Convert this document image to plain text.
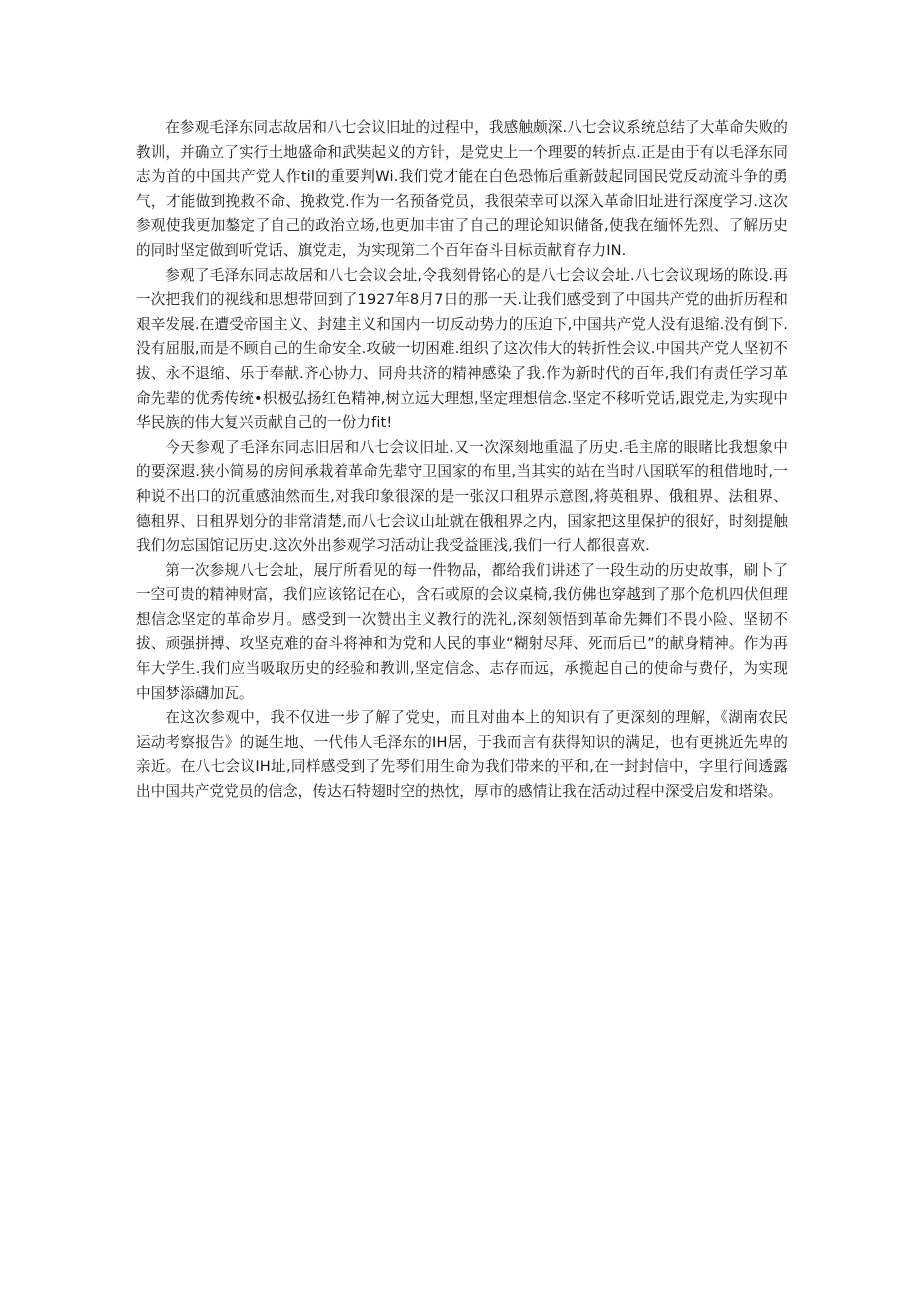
在参观毛泽东同志故居和八七会议旧址的过程中，我感触颇深.八七会议系统总结了大革命失败的教训，并确立了实行土地盛命和武奘起义的方针，是党史上一个理要的转折点.正是由于有以毛泽东同志为首的中国共产党人作til的重要判Wi.我们党才能在白色恐怖后重新鼓起同国民党反动流斗争的勇气，才能做到挽救不命、挽救党.作为一名预备党员，我很荣幸可以深入革命旧址进行深度学习.这次参观使我更加鏊定了自己的政治立场,也更加丰宙了自己的理论知识储备,使我在缅怀先烈、了解历史的同时坚定做到听党话、旗党走，为实现第二个百年奋斗目标贡献育存力IN.

参观了毛泽东同志故居和八七会议会址,令我刻骨铭心的是八七会议会址.八七会议现场的陈设.再一次把我们的视线和思想带回到了1927年8月7日的那一天.让我们感受到了中国共产党的曲折历程和艰辛发展.在遭受帝国主义、封建主义和国内一切反动势力的压迫下,中国共产党人没有退缩.没有倒下.没有屈服,而是不顾自己的生命安全.攻破一切困难.组织了这次伟大的转折性会议.中国共产党人坚初不拔、永不退缩、乐于奉献.齐心协力、同舟共济的精神感染了我.作为新时代的百年,我们有责任学习革命先辈的优秀传统•枳极弘扬红色精神,树立远大理想,坚定理想信念.坚定不移听党话,跟党走,为实现中华民族的伟大复兴贡献自己的一份力fit!

今天参观了毛泽东同志旧居和八七会议旧址.又一次深刻地重温了历史.毛主席的眼睹比我想象中的要深遐.狭小简易的房间承栽着革命先辈守卫国家的布里,当其实的站在当时八国联军的租借地时,一种说不出口的沉重感油然而生,对我印象很深的是一张汉口租界示意图,将英租界、俄租界、法租界、德租界、日租界划分的非常清楚,而八七会议山址就在俄租界之内，国家把这里保护的很好，时刻提触我们勿忘国馆记历史.这次外出参观学习活动让我受益匪浅,我们一行人都很喜欢.

第一次参规八七会址，展厅所看见的每一件物品，都给我们讲述了一段生动的历史故事，刷卜了一空可贵的精神财富，我们应该铭记在心，含石或原的会议桌椅,我仿佛也穿越到了那个危机四伏但理想信念坚定的革命岁月。感受到一次赞出主义教行的洗礼,深刻领悟到革命先舞们不畏小险、坚韧不拔、顽强拼搏、攻坚克难的奋斗将神和为党和人民的事业“糊射尽拜、死而后已”的献身精神。作为再年大学生.我们应当吸取历史的经验和教训,坚定信念、志存而远，承揽起自己的使命与费仔，为实现中国梦添礴加瓦。

在这次参观中，我不仅进一步了解了党史，而且对曲本上的知识有了更深刻的理解，《湖南农民运动考察报告》的诞生地、一代伟人毛泽东的IH居，于我而言有获得知识的满足，也有更挑近先卑的亲近。在八七会议IH址,同样感受到了先琴们用生命为我们带来的平和,在一封封信中，字里行间透露出中国共产党党员的信念，传达石特翅时空的热忱，厚市的感情让我在活动过程中深受启发和塔染。
